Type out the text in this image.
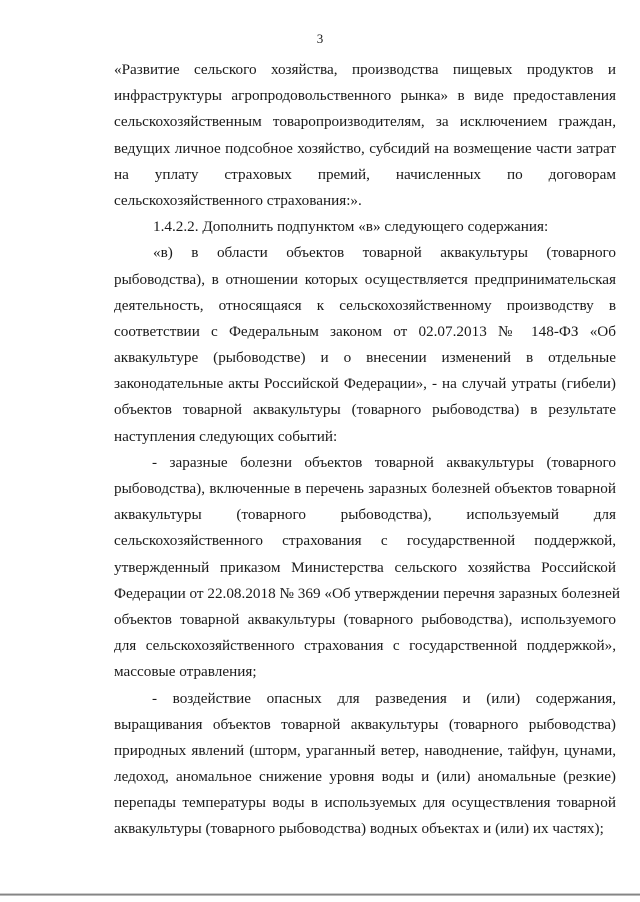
3
«Развитие сельского хозяйства, производства пищевых продуктов и
инфраструктуры агропродовольственного рынка» в виде предоставления
сельскохозяйственным товаропроизводителям, за исключением граждан,
ведущих личное подсобное хозяйство, субсидий на возмещение части затрат
на уплату страховых премий, начисленных по договорам
сельскохозяйственного страхования:».
1.4.2.2. Дополнить подпунктом «в» следующего содержания:
«в) в области объектов товарной аквакультуры (товарного
рыбоводства), в отношении которых осуществляется предпринимательская
деятельность, относящаяся к сельскохозяйственному производству в
соответствии с Федеральным законом от 02.07.2013 № 148-ФЗ «Об
аквакультуре (рыбоводстве) и о внесении изменений в отдельные
законодательные акты Российской Федерации», - на случай утраты (гибели)
объектов товарной аквакультуры (товарного рыбоводства) в результате
наступления следующих событий:
- заразные болезни объектов товарной аквакультуры (товарного
рыбоводства), включенные в перечень заразных болезней объектов товарной
аквакультуры (товарного рыбоводства), используемый для
сельскохозяйственного страхования с государственной поддержкой,
утвержденный приказом Министерства сельского хозяйства Российской
Федерации от 22.08.2018 № 369 «Об утверждении перечня заразных болезней
объектов товарной аквакультуры (товарного рыбоводства), используемого
для сельскохозяйственного страхования с государственной поддержкой»,
массовые отравления;
- воздействие опасных для разведения и (или) содержания,
выращивания объектов товарной аквакультуры (товарного рыбоводства)
природных явлений (шторм, ураганный ветер, наводнение, тайфун, цунами,
ледоход, аномальное снижение уровня воды и (или) аномальные (резкие)
перепады температуры воды в используемых для осуществления товарной
аквакультуры (товарного рыбоводства) водных объектах и (или) их частях);
